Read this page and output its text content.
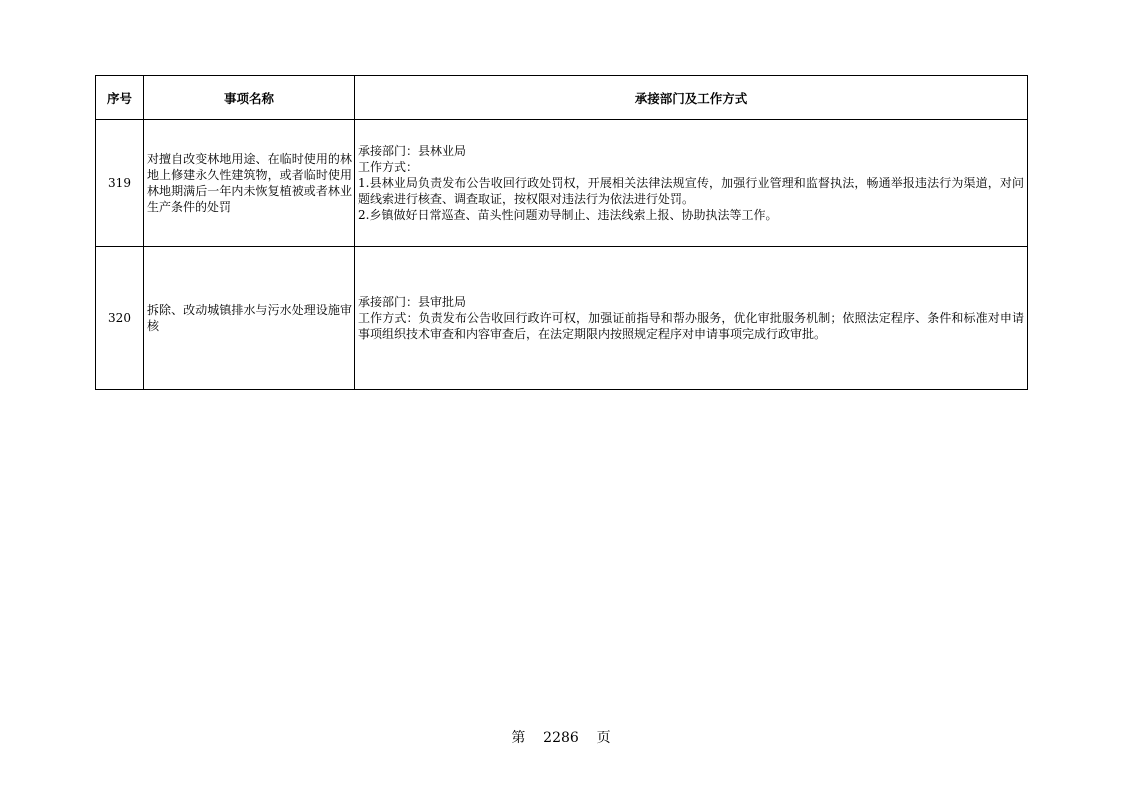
序号	事项名称	承接部门及工作方式
319	对擅自改变林地用途、在临时使用的林地上修建永久性建筑物，或者临时使用林地期满后一年内未恢复植被或者林业生产条件的处罚	承接部门：县林业局
工作方式：
1.县林业局负责发布公告收回行政处罚权，开展相关法律法规宣传，加强行业管理和监督执法，畅通举报违法行为渠道，对问题线索进行核查、调查取证，按权限对违法行为依法进行处罚。
2.乡镇做好日常巡查、苗头性问题劝导制止、违法线索上报、协助执法等工作。

320	拆除、改动城镇排水与污水处理设施审核	承接部门：县审批局
工作方式：负责发布公告收回行政许可权，加强证前指导和帮办服务，优化审批服务机制；依照法定程序、条件和标准对申请事项组织技术审查和内容审查后，在法定期限内按照规定程序对申请事项完成行政审批。
第 2286 页
